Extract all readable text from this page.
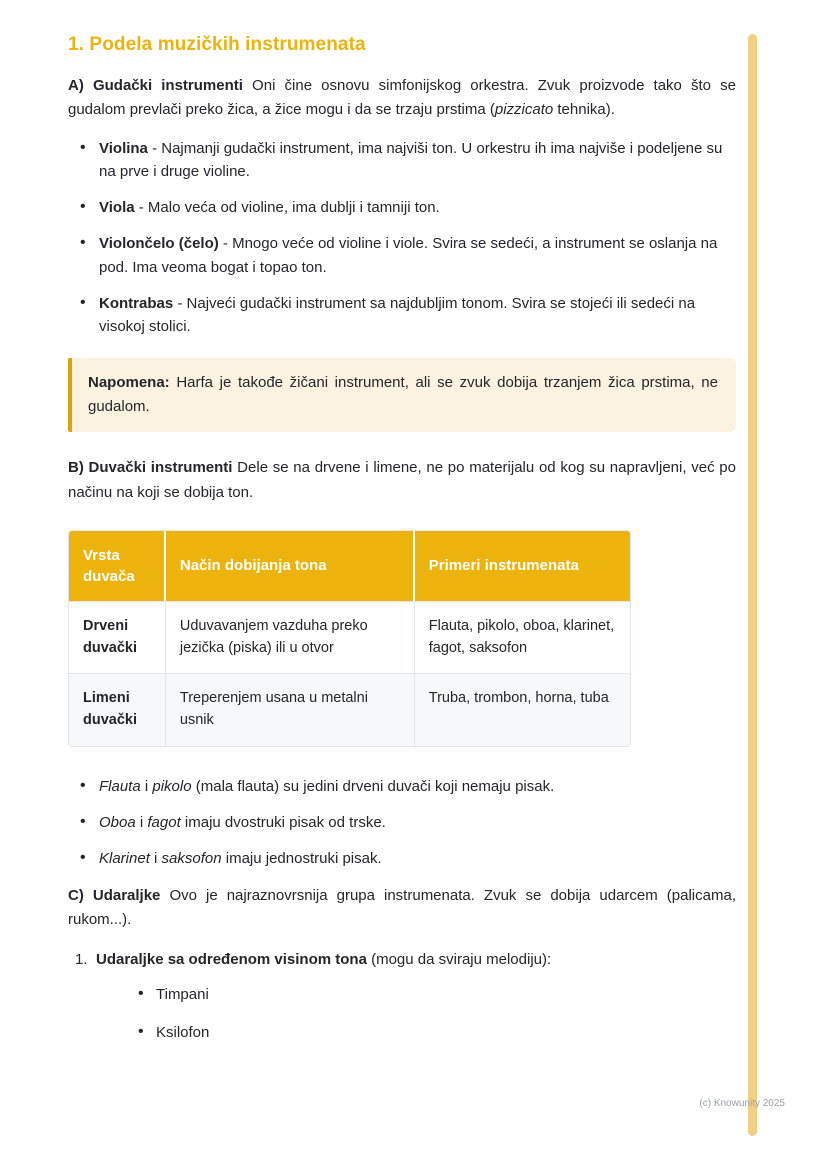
1. Podela muzičkih instrumenata

A) Gudački instrumenti Oni čine osnovu simfonijskog orkestra. Zvuk proizvode tako što se gudalom prevlači preko žica, a žice mogu i da se trzaju prstima (pizzicato tehnika).

• Violina - Najmanji gudački instrument, ima najviši ton. U orkestru ih ima najviše i podeljene su na prve i druge violine.
• Viola - Malo veća od violine, ima dublji i tamniji ton.
• Violončelo (čelo) - Mnogo veće od violine i viole. Svira se sedeći, a instrument se oslanja na pod. Ima veoma bogat i topao ton.
• Kontrabas - Najveći gudački instrument sa najdubljim tonom. Svira se stojeći ili sedeći na visokoj stolici.

Napomena: Harfa je takođe žičani instrument, ali se zvuk dobija trzanjem žica prstima, ne gudalom.

B) Duvački instrumenti Dele se na drvene i limene, ne po materijalu od kog su napravljeni, već po načinu na koji se dobija ton.

Vrsta duvača	Način dobijanja tona	Primeri instrumenata
Drveni duvački	Uduvavanjem vazduha preko jezička (piska) ili u otvor	Flauta, pikolo, oboa, klarinet, fagot, saksofon
Limeni duvački	Treperenjem usana u metalni usnik	Truba, trombon, horna, tuba
• Flauta i pikolo (mala flauta) su jedini drveni duvači koji nemaju pisak.
• Oboa i fagot imaju dvostruki pisak od trske.
• Klarinet i saksofon imaju jednostruki pisak.

C) Udaraljke Ovo je najraznovrsnija grupa instrumenata. Zvuk se dobija udarcem (palicama, rukom...).

1. Udaraljke sa određenom visinom tona (mogu da sviraju melodiju):
• Timpani
• Ksilofon
(c) Knowunity 2025
